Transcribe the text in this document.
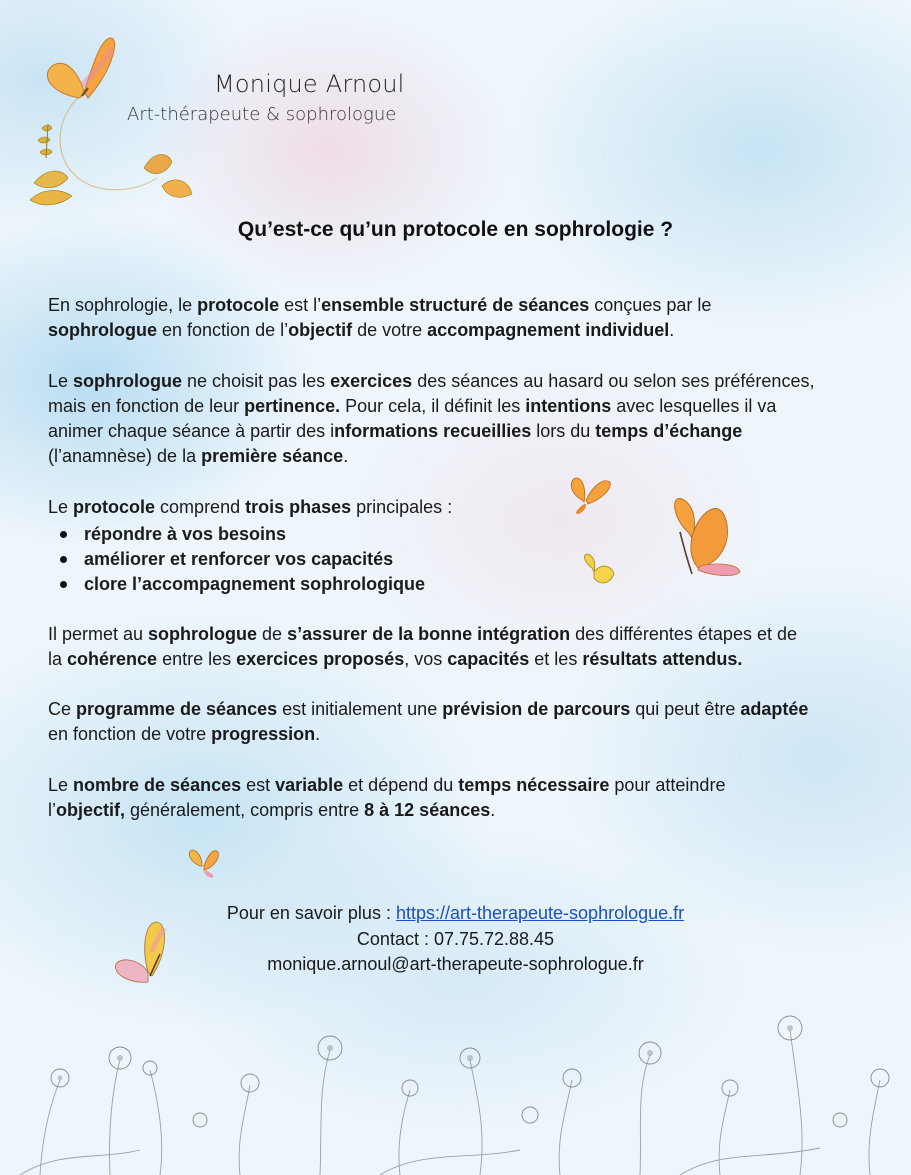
Monique Arnoul
Art-thérapeute & sophrologue
Qu’est-ce qu’un protocole en sophrologie ?

En sophrologie, le protocole est l’ensemble structuré de séances conçues par le
sophrologue en fonction de l’objectif de votre accompagnement individuel.

Le sophrologue ne choisit pas les exercices des séances au hasard ou selon ses préférences,
mais en fonction de leur pertinence. Pour cela, il définit les intentions avec lesquelles il va
animer chaque séance à partir des informations recueillies lors du temps d’échange
(l’anamnèse) de la première séance.

Le protocole comprend trois phases principales :

répondre à vos besoins
améliorer et renforcer vos capacités
clore l’accompagnement sophrologique

Il permet au sophrologue de s’assurer de la bonne intégration des différentes étapes et de
la cohérence entre les exercices proposés, vos capacités et les résultats attendus.

Ce programme de séances est initialement une prévision de parcours qui peut être adaptée
en fonction de votre progression.

Le nombre de séances est variable et dépend du temps nécessaire pour atteindre
l’objectif, généralement, compris entre 8 à 12 séances.

Pour en savoir plus : https://art-therapeute-sophrologue.fr
Contact : 07.75.72.88.45
monique.arnoul@art-therapeute-sophrologue.fr
